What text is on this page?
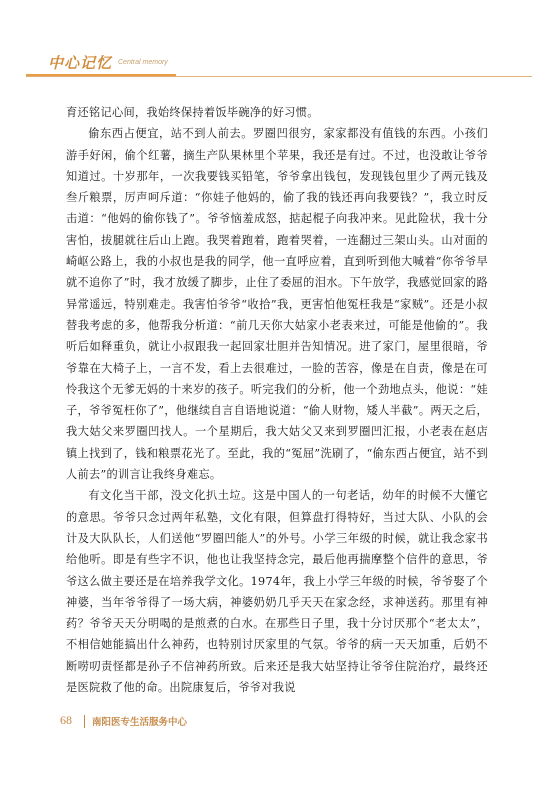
中心记忆 Central memory

育还铭记心间，我始终保持着饭毕碗净的好习惯。

偷东西占便宜，站不到人前去。罗圈凹很穷，家家都没有值钱的东西。小孩们游手好闲，偷个红薯，摘生产队果林里个苹果，我还是有过。不过，也没敢让爷爷知道过。十岁那年，一次我要钱买铅笔，爷爷拿出钱包，发现钱包里少了两元钱及叁斤粮票，厉声呵斥道：“你娃子他妈的，偷了我的钱还再向我要钱？”，我立时反击道：“他妈的偷你钱了”。爷爷恼羞成怒，掂起棍子向我冲来。见此险状，我十分害怕，拔腿就往后山上跑。我哭着跑着，跑着哭着，一连翻过三架山头。山对面的崎岖公路上，我的小叔也是我的同学，他一直呼应着，直到听到他大喊着“你爷爷早就不追你了”时，我才放缓了脚步，止住了委屈的泪水。下午放学，我感觉回家的路异常遥远，特别难走。我害怕爷爷“收拾”我，更害怕他冤枉我是“家贼”。还是小叔替我考虑的多，他帮我分析道：“前几天你大姑家小老表来过，可能是他偷的”。我听后如释重负，就让小叔跟我一起回家壮胆并告知情况。进了家门，屋里很暗，爷爷靠在大椅子上，一言不发，看上去很难过，一脸的苦容，像是在自责，像是在可怜我这个无爹无妈的十来岁的孩子。听完我们的分析，他一个劲地点头，他说：“娃子，爷爷冤枉你了”，他继续自言自语地说道：“偷人财物，矮人半截”。两天之后，我大姑父来罗圈凹找人。一个星期后，我大姑父又来到罗圈凹汇报，小老表在赵店镇上找到了，钱和粮票花光了。至此，我的“冤屈”洗刷了，“偷东西占便宜，站不到人前去”的训言让我终身难忘。

有文化当干部，没文化扒土垃。这是中国人的一句老话，幼年的时候不大懂它的意思。爷爷只念过两年私塾，文化有限，但算盘打得特好，当过大队、小队的会计及大队队长，人们送他“罗圈凹能人”的外号。小学三年级的时候，就让我念家书给他听。即是有些字不识，他也让我坚持念完，最后他再揣摩整个信件的意思，爷爷这么做主要还是在培养我学文化。1974年，我上小学三年级的时候，爷爷娶了个神婆，当年爷爷得了一场大病，神婆奶奶几乎天天在家念经，求神送药。那里有神药？爷爷天天分明喝的是煎煮的白水。在那些日子里，我十分讨厌那个“老太太”，不相信她能搞出什么神药，也特别讨厌家里的气氛。爷爷的病一天天加重，后奶不断唠叨责怪都是孙子不信神药所致。后来还是我大姑坚持让爷爷住院治疗，最终还是医院救了他的命。出院康复后，爷爷对我说

68 南阳医专生活服务中心
